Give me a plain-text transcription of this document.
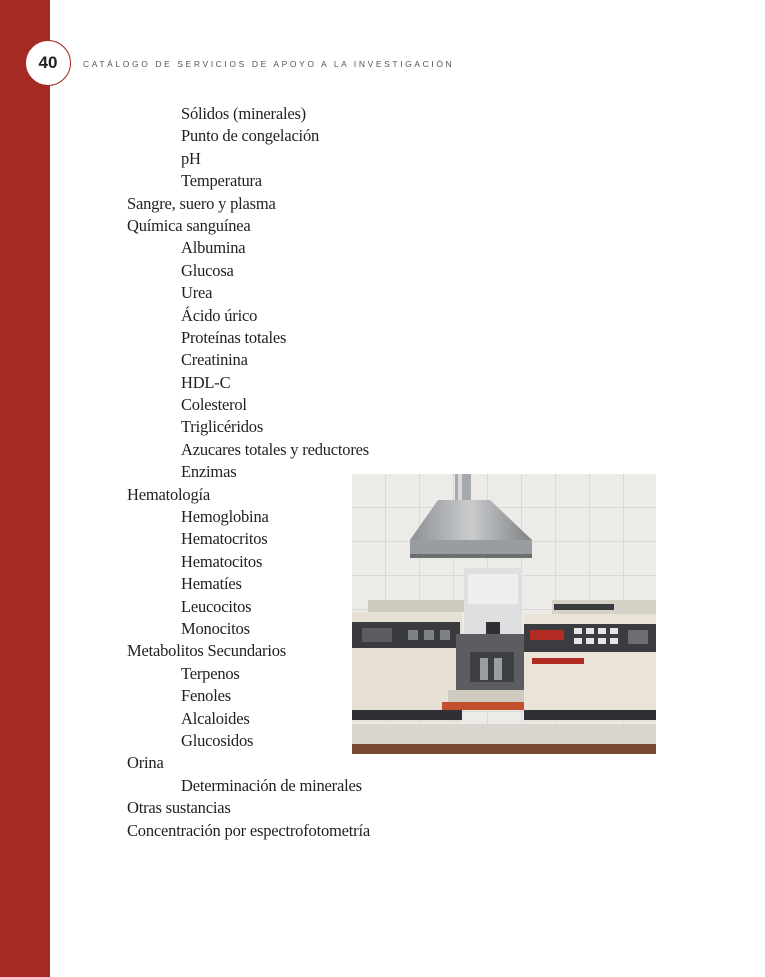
40	CATÁLOGO DE SERVICIOS DE APOYO A LA INVESTIGACIÓN
Sólidos (minerales)
Punto de congelación
pH
Temperatura
Sangre, suero y plasma
Química sanguínea
Albumina
Glucosa
Urea
Ácido úrico
Proteínas totales
Creatinina
HDL-C
Colesterol
Triglicéridos
Azucares totales y reductores
Enzimas
Hematología
Hemoglobina
Hematocritos
Hematocitos
Hematíes
Leucocitos
Monocitos
Metabolitos Secundarios
Terpenos
Fenoles
Alcaloides
Glucosidos
Orina
Determinación de minerales
Otras sustancias
Concentración por espectrofotometría
